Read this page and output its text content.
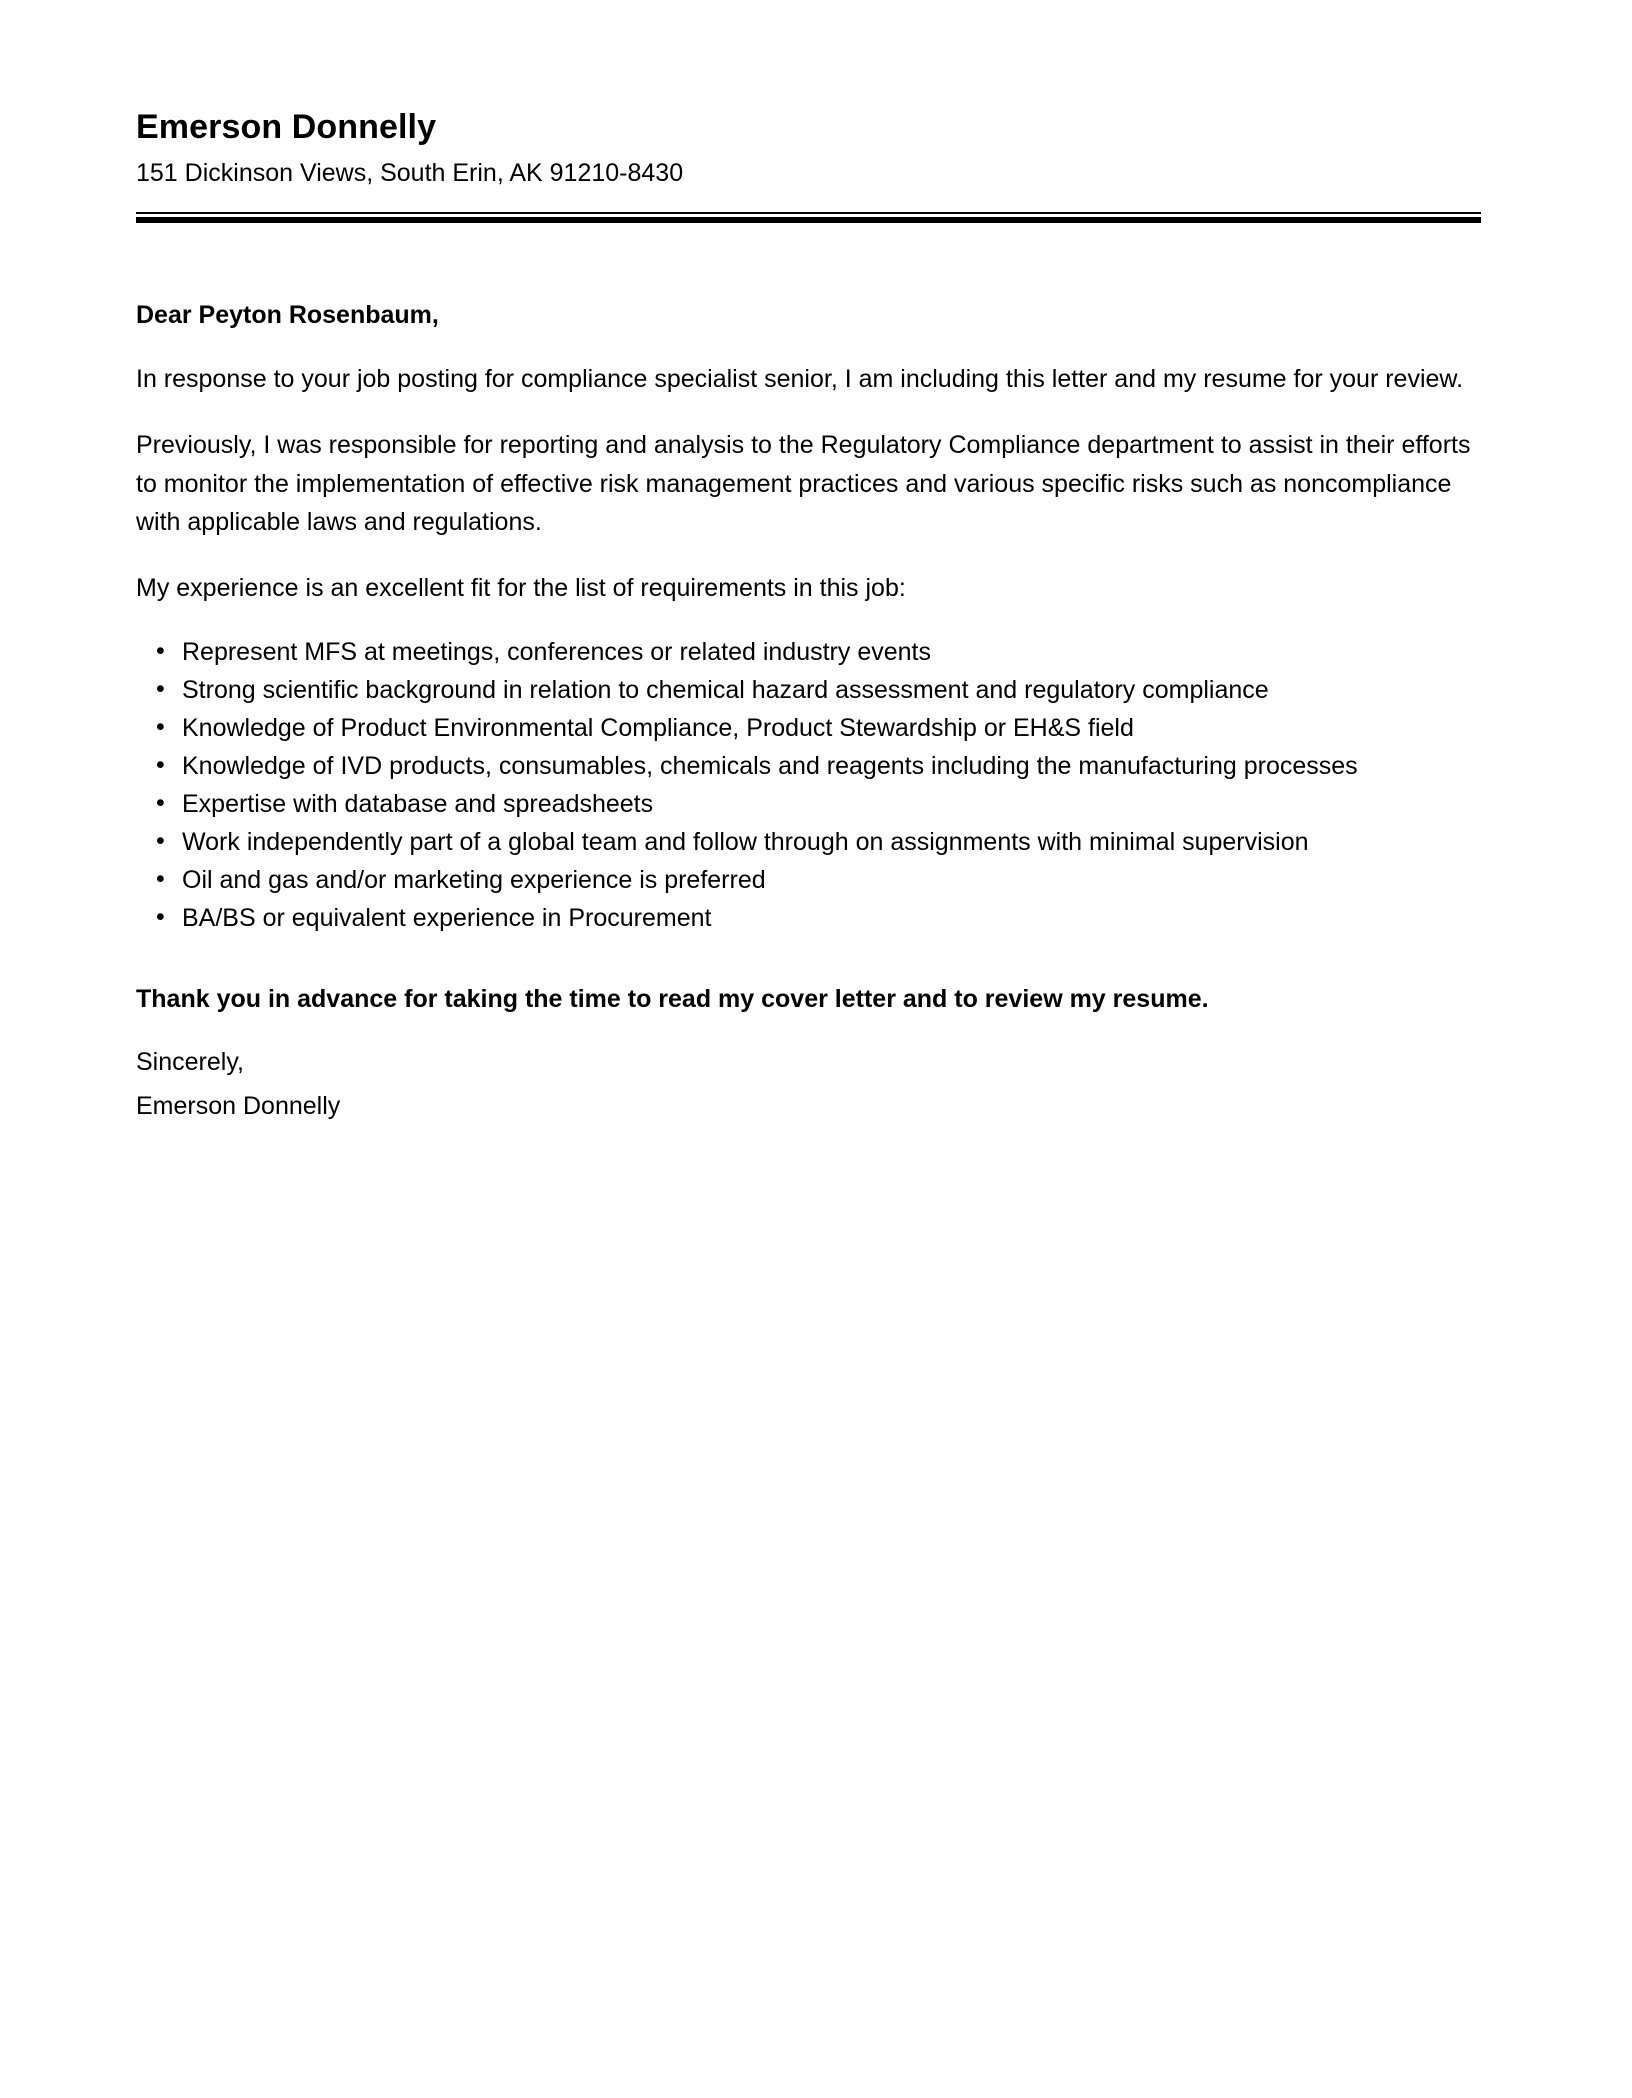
Emerson Donnelly
151 Dickinson Views, South Erin, AK 91210-8430

Dear Peyton Rosenbaum,

In response to your job posting for compliance specialist senior, I am including this letter and my resume for your review.

Previously, I was responsible for reporting and analysis to the Regulatory Compliance department to assist in their efforts to monitor the implementation of effective risk management practices and various specific risks such as noncompliance with applicable laws and regulations.

My experience is an excellent fit for the list of requirements in this job:

• Represent MFS at meetings, conferences or related industry events
• Strong scientific background in relation to chemical hazard assessment and regulatory compliance
• Knowledge of Product Environmental Compliance, Product Stewardship or EH&S field
• Knowledge of IVD products, consumables, chemicals and reagents including the manufacturing processes
• Expertise with database and spreadsheets
• Work independently part of a global team and follow through on assignments with minimal supervision
• Oil and gas and/or marketing experience is preferred
• BA/BS or equivalent experience in Procurement

Thank you in advance for taking the time to read my cover letter and to review my resume.

Sincerely,
Emerson Donnelly
